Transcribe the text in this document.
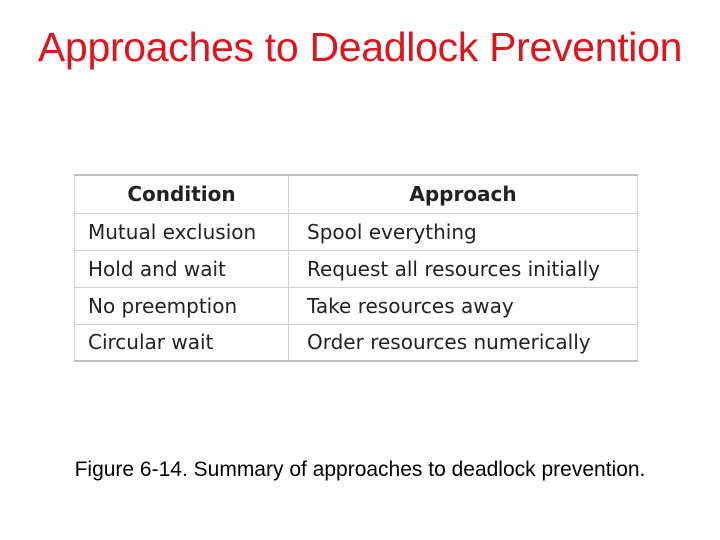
Approaches to Deadlock Prevention
Condition	Approach
Mutual exclusion	Spool everything
Hold and wait	Request all resources initially
No preemption	Take resources away
Circular wait	Order resources numerically
Figure 6-14. Summary of approaches to deadlock prevention.
